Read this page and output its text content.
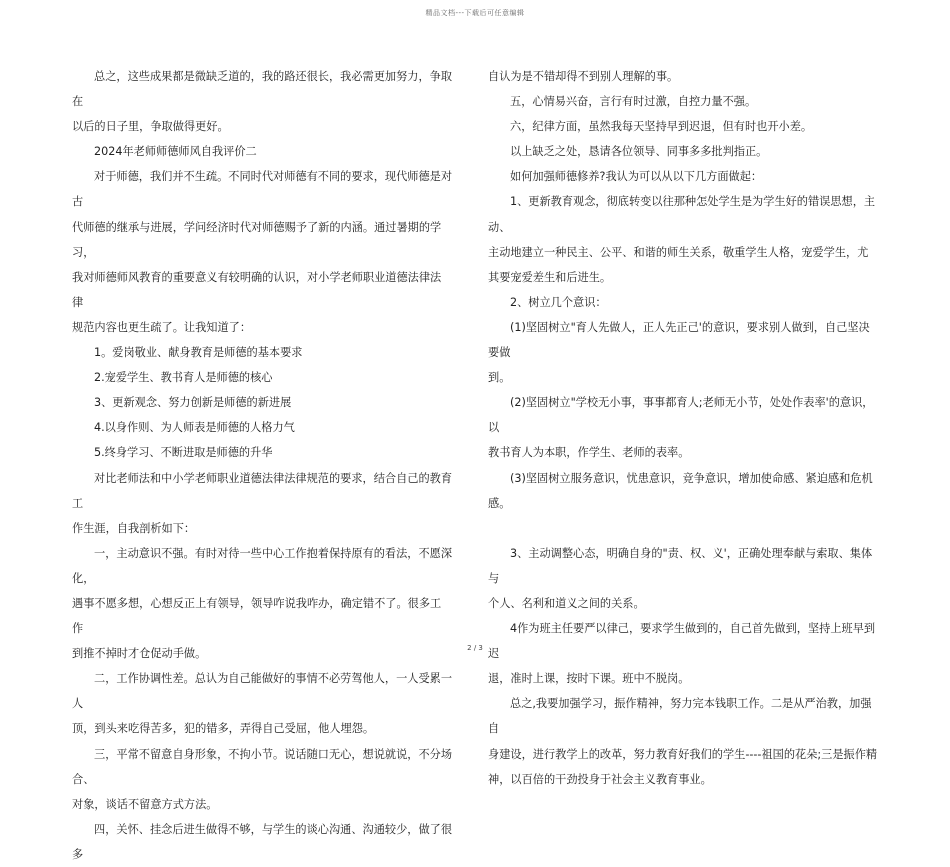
精品文档---下载后可任意编辑

总之，这些成果都是微缺乏道的，我的路还很长，我必需更加努力，争取在

以后的日子里，争取做得更好。

2024年老师师德师风自我评价二

对于师德，我们并不生疏。不同时代对师德有不同的要求，现代师德是对古

代师德的继承与进展，学问经济时代对师德赐予了新的内涵。通过暑期的学习，

我对师德师风教育的重要意义有较明确的认识，对小学老师职业道德法律法律

规范内容也更生疏了。让我知道了：

1。爱岗敬业、献身教育是师德的基本要求

2.宠爱学生、教书育人是师德的核心

3、更新观念、努力创新是师德的新进展

4.以身作则、为人师表是师德的人格力气

5.终身学习、不断进取是师德的升华

对比老师法和中小学老师职业道德法律法律规范的要求，结合自己的教育工

作生涯，自我剖析如下：

一，主动意识不强。有时对待一些中心工作抱着保持原有的看法，不愿深化，

遇事不愿多想，心想反正上有领导，领导咋说我咋办，确定错不了。很多工作

到推不掉时才仓促动手做。

二，工作协调性差。总认为自己能做好的事情不必劳驾他人，一人受累一人

顶，到头来吃得苦多，犯的错多，弄得自己受屈，他人埋怨。

三，平常不留意自身形象，不拘小节。说话随口无心，想说就说，不分场合、

对象，谈话不留意方式方法。

四，关怀、挂念后进生做得不够，与学生的谈心沟通、沟通较少，做了很多

自认为是不错却得不到别人理解的事。

五，心情易兴奋，言行有时过激，自控力量不强。

六，纪律方面，虽然我每天坚持早到迟退，但有时也开小差。

以上缺乏之处，恳请各位领导、同事多多批判指正。

如何加强师德修养?我认为可以从以下几方面做起：

1、更新教育观念，彻底转变以往那种怎处学生是为学生好的错误思想，主动、

主动地建立一种民主、公平、和谐的师生关系，敬重学生人格，宠爱学生，尤

其要宠爱差生和后进生。

2、树立几个意识：

(1)坚固树立"育人先做人，正人先正己'的意识，要求别人做到，自己坚决要做

到。

(2)坚固树立"学校无小事，事事都育人;老师无小节，处处作表率'的意识，以

教书育人为本职，作学生、老师的表率。

(3)坚固树立服务意识，忧患意识，竞争意识，增加使命感、紧迫感和危机感。

3、主动调整心态，明确自身的"责、权、义'，正确处理奉献与索取、集体与

个人、名利和道义之间的关系。

4作为班主任要严以律己，要求学生做到的，自己首先做到，坚持上班早到迟

退，准时上课，按时下课。班中不脱岗。

总之,我要加强学习，振作精神，努力完本钱职工作。二是从严治教，加强自

身建设，进行教学上的改革，努力教育好我们的学生----祖国的花朵;三是振作精

神，以百倍的干劲投身于社会主义教育事业。

2 / 3
